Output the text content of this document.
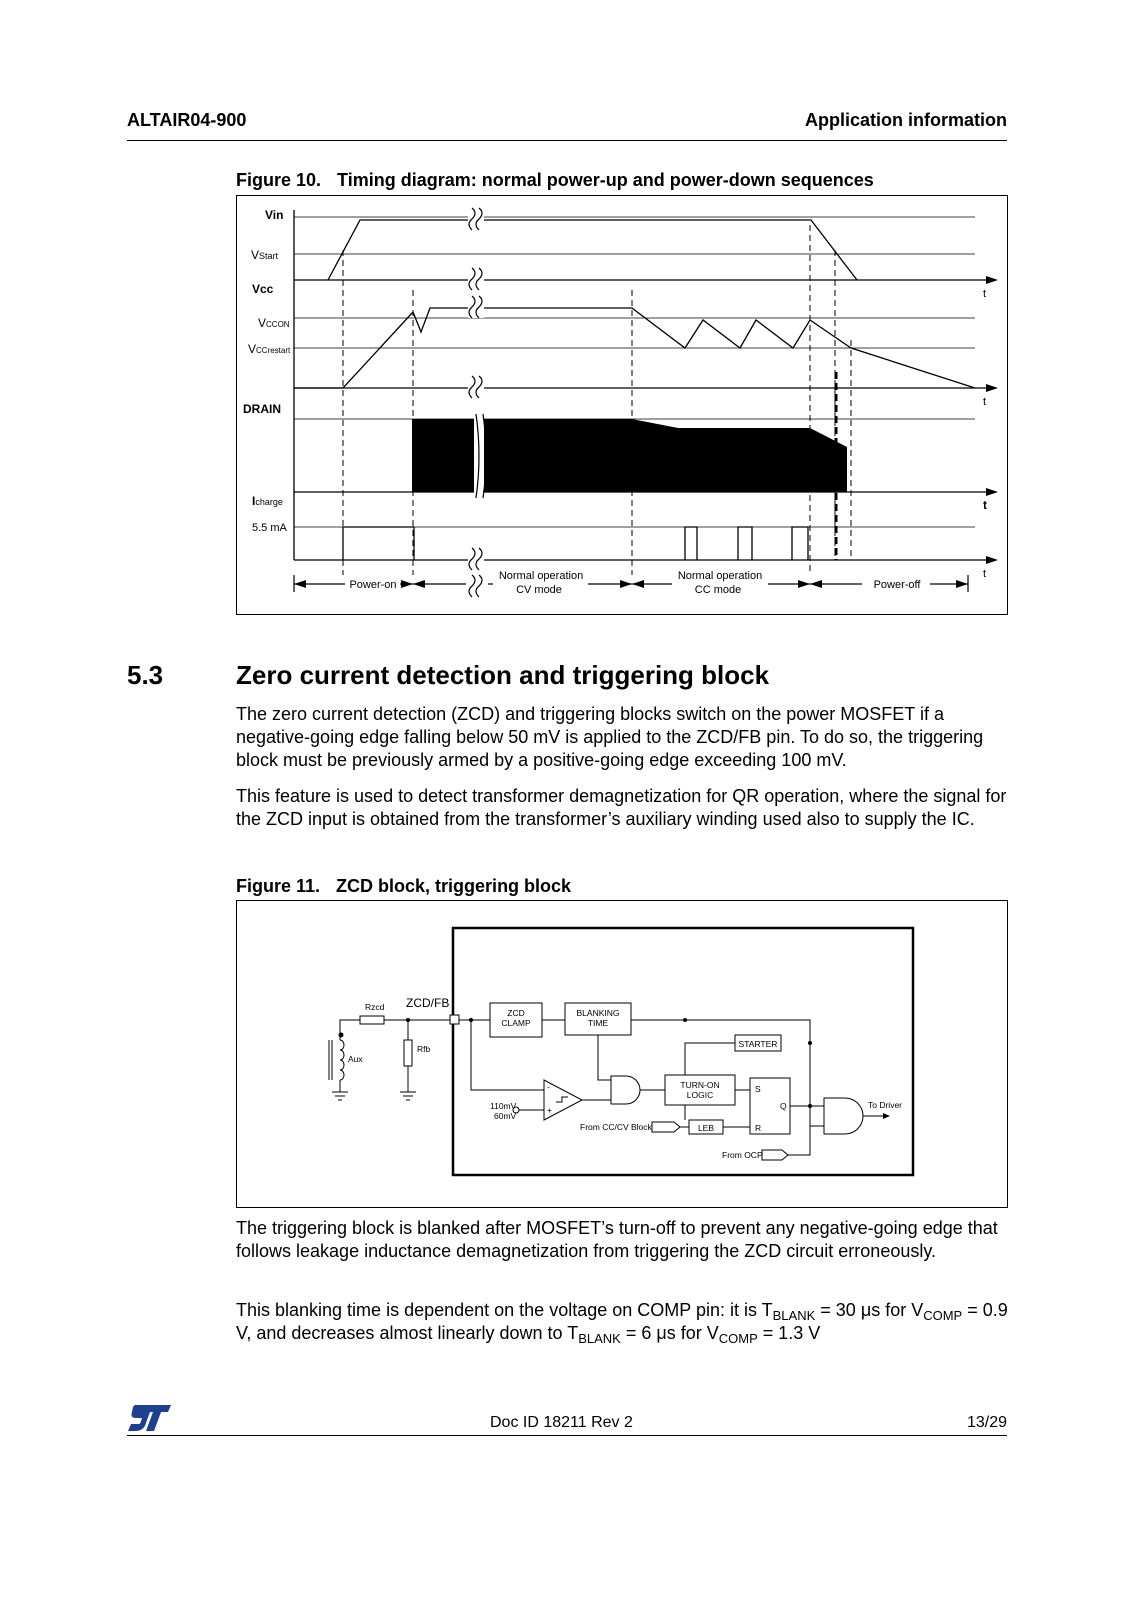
ALTAIR04-900	Application information
Figure 10. Timing diagram: normal power-up and power-down sequences
Vin
VStart
Vcc
VCCON
VCCrestart
DRAIN
Icharge
5.5 mA
t
t
t
t
Power-on
Normal operation
CV mode
Normal operation
CC mode	Power-off
5.3	Zero current detection and triggering block
The zero current detection (ZCD) and triggering blocks switch on the power MOSFET if a negative-going edge falling below 50 mV is applied to the ZCD/FB pin. To do so, the triggering block must be previously armed by a positive-going edge exceeding 100 mV.
This feature is used to detect transformer demagnetization for QR operation, where the signal for the ZCD input is obtained from the transformer’s auxiliary winding used also to supply the IC.
Figure 11. ZCD block, triggering block
Rzcd ZCD/FB
Rfb
Aux
ZCD
CLAMP
BLANKING
TIME
STARTER
TURN-ON
LOGIC
S
Q
R
LEB
110mV
60mV
-
+
From CC/CV Block
From OCP
To Driver
The triggering block is blanked after MOSFET’s turn-off to prevent any negative-going edge that follows leakage inductance demagnetization from triggering the ZCD circuit erroneously.
This blanking time is dependent on the voltage on COMP pin: it is $T_{BLANK} = 30$ μs for $V_{COMP} = 0.9$ V, and decreases almost linearly down to $T_{BLANK} = 6$ μs for $V_{COMP} = 1.3$ V
Doc ID 18211 Rev 2	13/29
